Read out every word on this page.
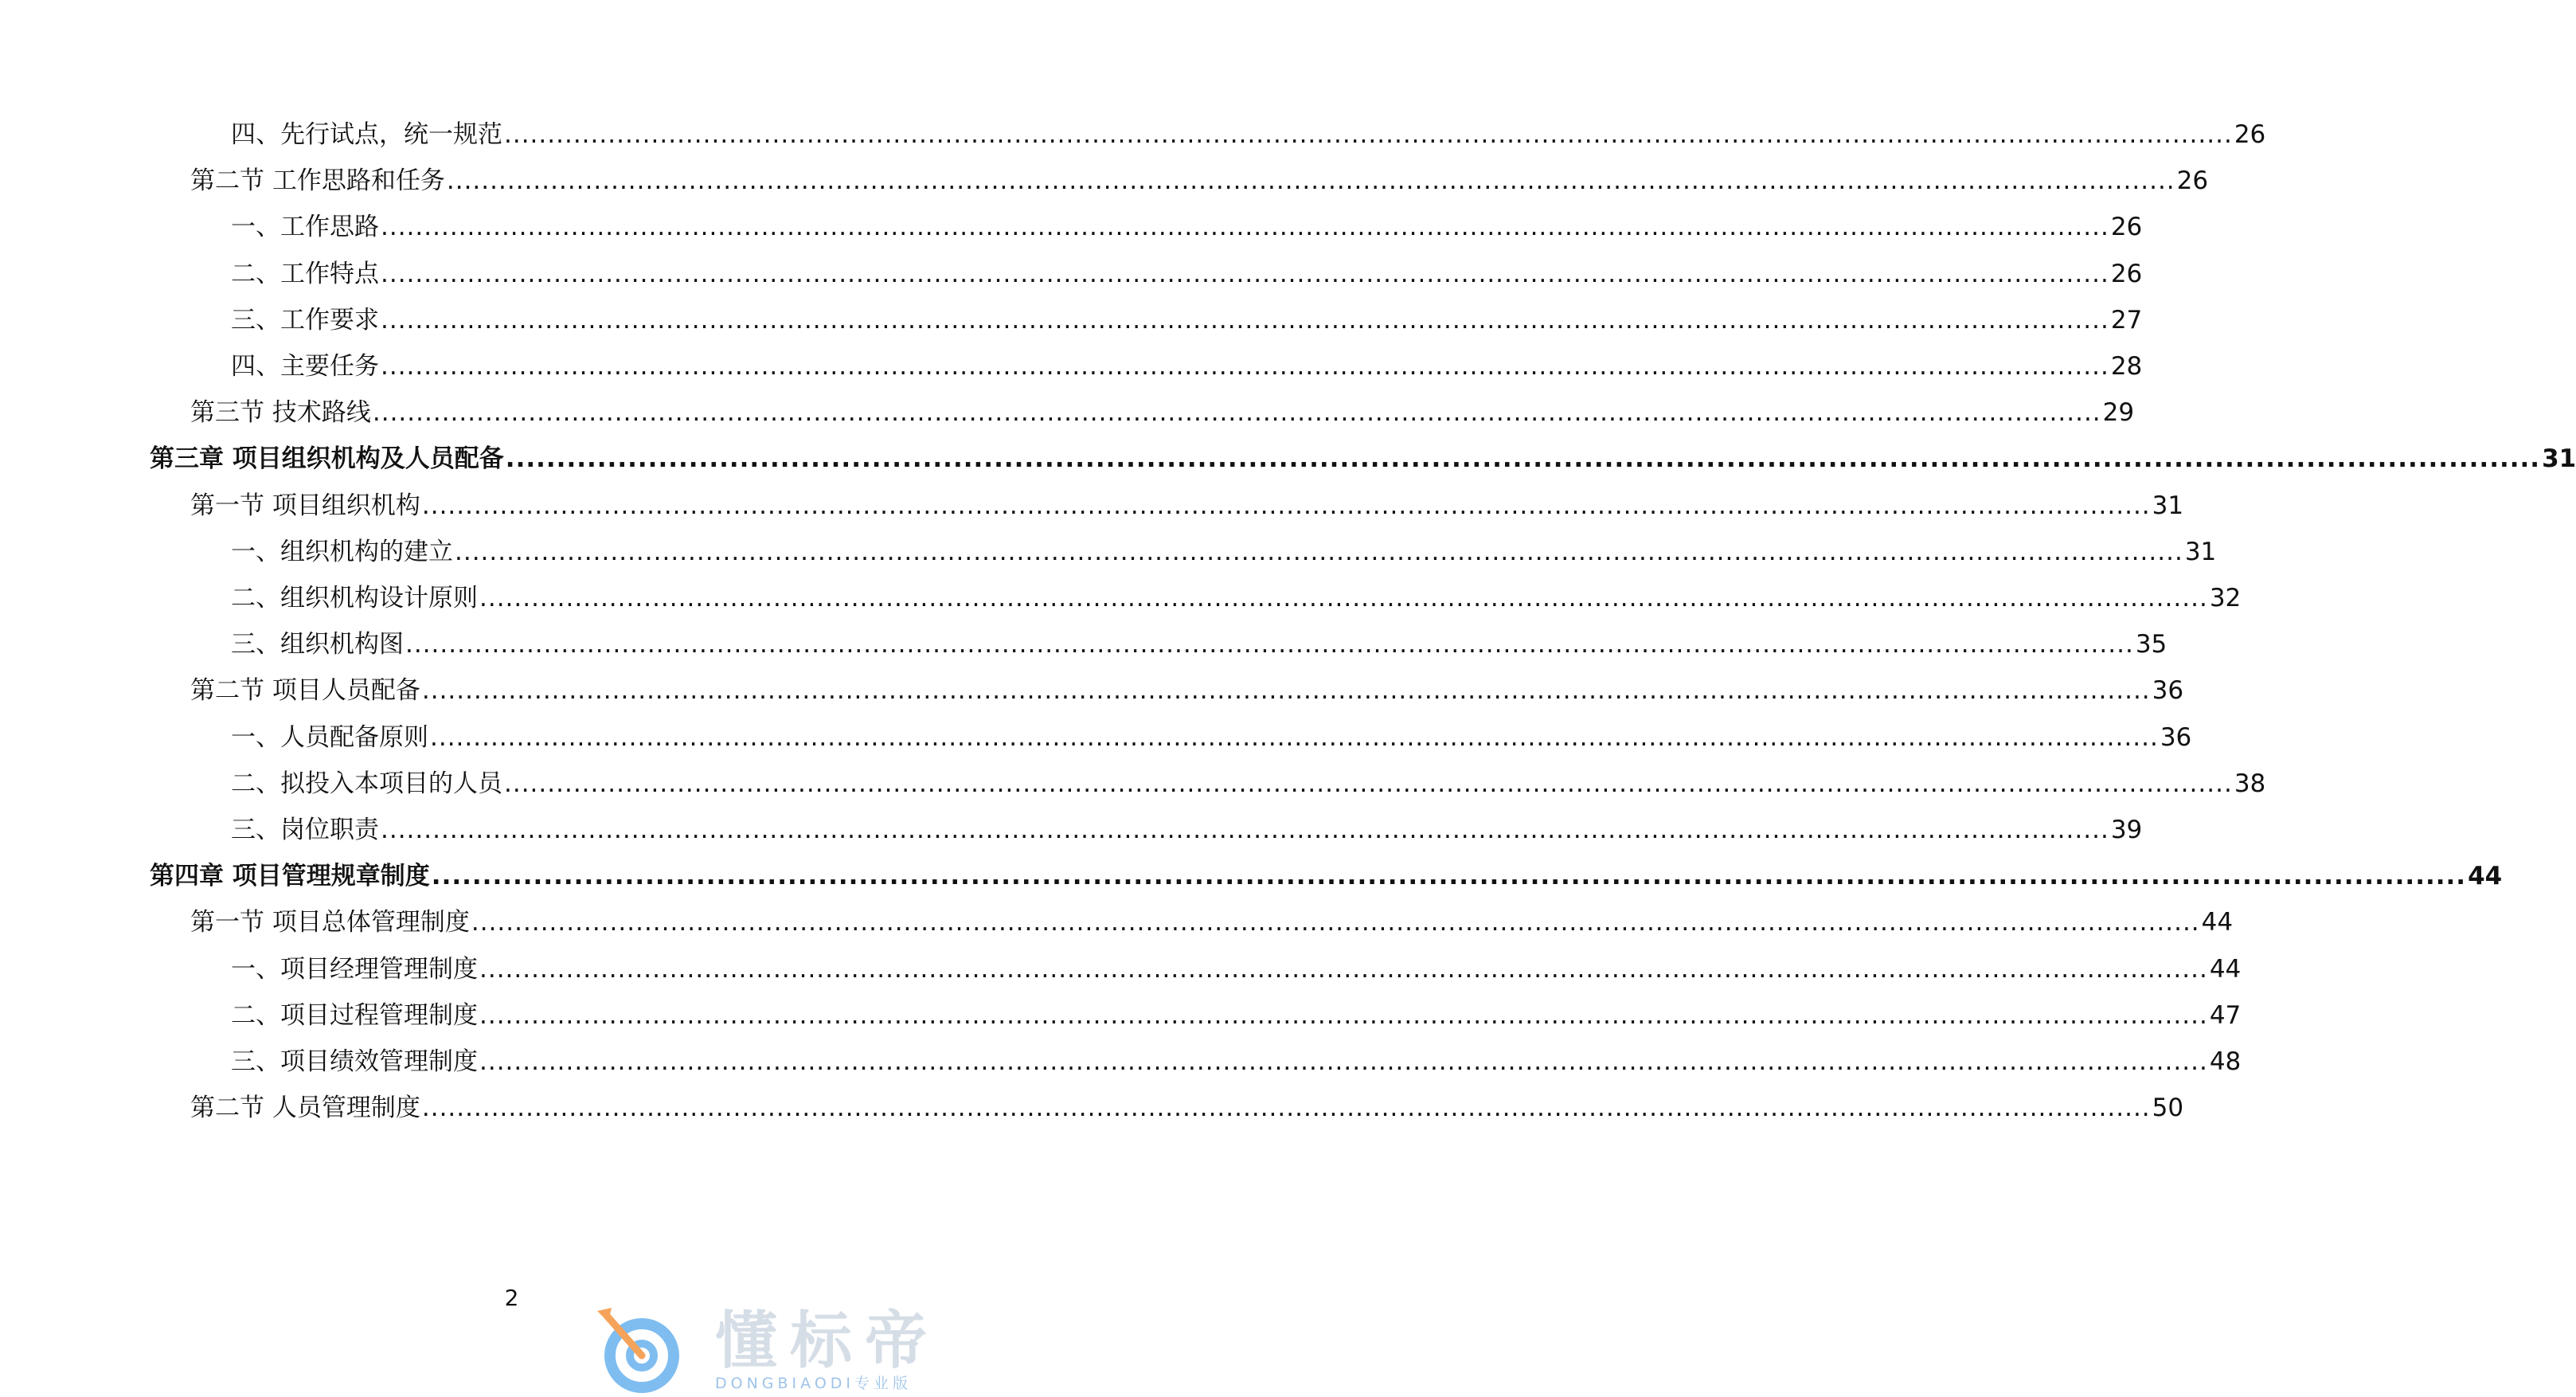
四、先行试点，统一规范 ........................................................................................................................................................................................................ 26
第二节 工作思路和任务 ........................................................................................................................................................................................................ 26
一、工作思路 ........................................................................................................................................................................................................ 26
二、工作特点 ........................................................................................................................................................................................................ 26
三、工作要求 ........................................................................................................................................................................................................ 27
四、主要任务 ........................................................................................................................................................................................................ 28
第三节 技术路线 ........................................................................................................................................................................................................ 29
第三章 项目组织机构及人员配备 ........................................................................................................................................................................................................ 31
第一节 项目组织机构 ........................................................................................................................................................................................................ 31
一、组织机构的建立 ........................................................................................................................................................................................................ 31
二、组织机构设计原则 ........................................................................................................................................................................................................ 32
三、组织机构图 ........................................................................................................................................................................................................ 35
第二节 项目人员配备 ........................................................................................................................................................................................................ 36
一、人员配备原则 ........................................................................................................................................................................................................ 36
二、拟投入本项目的人员 ........................................................................................................................................................................................................ 38
三、岗位职责 ........................................................................................................................................................................................................ 39
第四章 项目管理规章制度 ........................................................................................................................................................................................................ 44
第一节 项目总体管理制度 ........................................................................................................................................................................................................ 44
一、项目经理管理制度 ........................................................................................................................................................................................................ 44
二、项目过程管理制度 ........................................................................................................................................................................................................ 47
三、项目绩效管理制度 ........................................................................................................................................................................................................ 48
第二节 人员管理制度 ........................................................................................................................................................................................................ 50
2
懂标帝
DONGBIAODI专业版
